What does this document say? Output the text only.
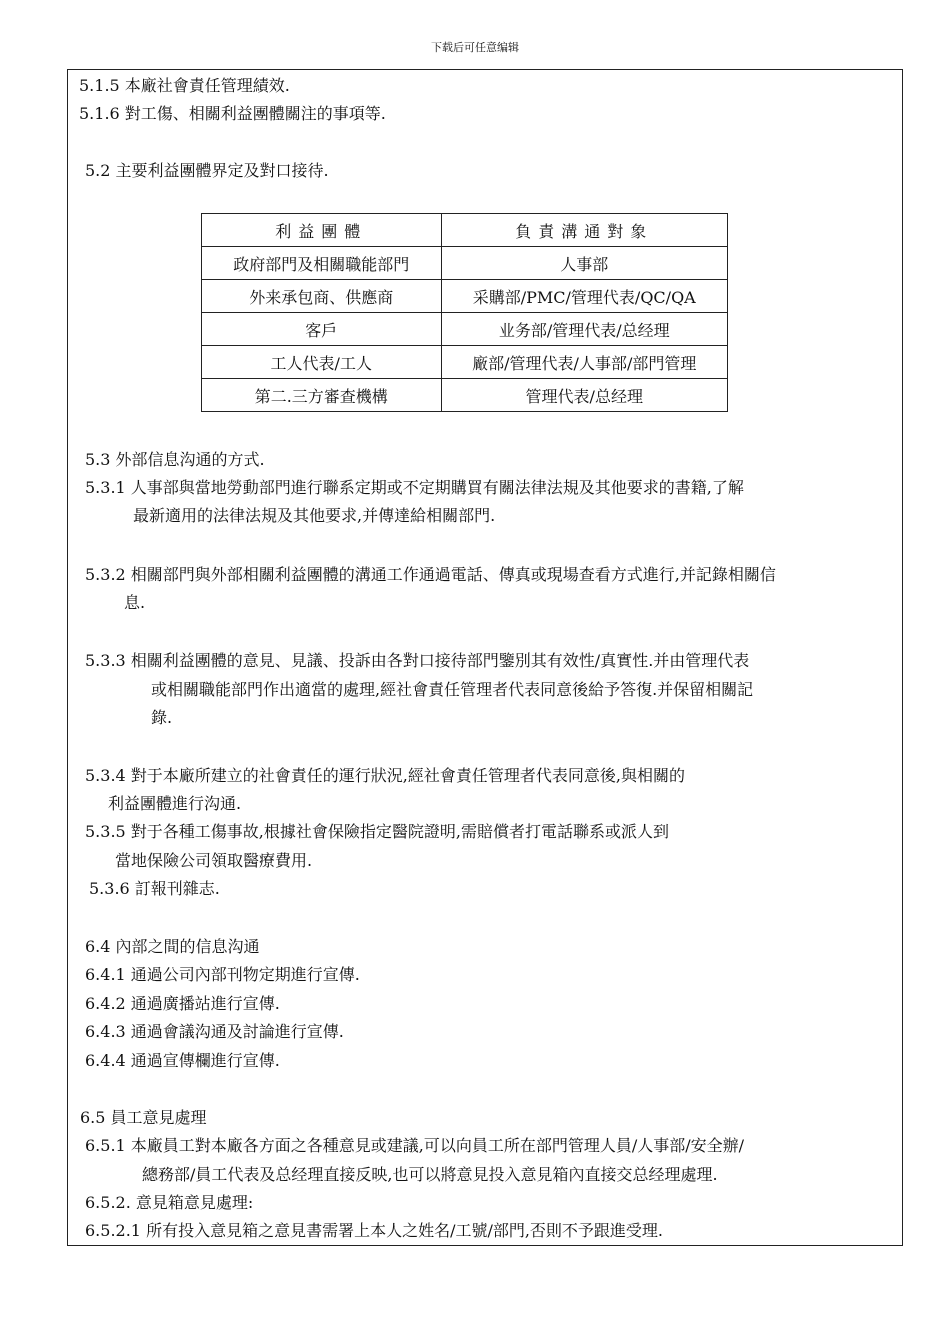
下载后可任意编辑
5.1.5 本廠社會責任管理績效.
5.1.6 對工傷、相關利益團體關注的事項等.
5.2 主要利益團體界定及對口接待.
利益團體	負責溝通對象
政府部門及相關職能部門	人事部
外来承包商、供應商	采購部/PMC/管理代表/QC/QA
客戶	业务部/管理代表/总经理
工人代表/工人	廠部/管理代表/人事部/部門管理
第二.三方審查機構	管理代表/总经理
5.3 外部信息沟通的方式.
5.3.1 人事部與當地勞動部門進行聯系定期或不定期購買有關法律法規及其他要求的書籍,了解
最新適用的法律法規及其他要求,并傳達給相關部門.
5.3.2 相關部門與外部相關利益團體的溝通工作通過電話、傳真或現場查看方式進行,并記錄相關信
息.
5.3.3 相關利益團體的意見、見議、投訴由各對口接待部門鑒別其有效性/真實性.并由管理代表
或相關職能部門作出適當的處理,經社會責任管理者代表同意後給予答復.并保留相關記
錄.
5.3.4 對于本廠所建立的社會責任的運行狀況,經社會責任管理者代表同意後,與相關的
利益團體進行沟通.
5.3.5 對于各種工傷事故,根據社會保險指定醫院證明,需賠償者打電話聯系或派人到
當地保險公司領取醫療費用.
5.3.6 訂報刊雜志.
6.4 內部之間的信息沟通
6.4.1 通過公司內部刊物定期進行宣傳.
6.4.2 通過廣播站進行宣傳.
6.4.3 通過會議沟通及討論進行宣傳.
6.4.4 通過宣傳欄進行宣傳.
6.5 員工意見處理
6.5.1 本廠員工對本廠各方面之各種意見或建議,可以向員工所在部門管理人員/人事部/安全辦/
總務部/員工代表及总经理直接反映,也可以將意見投入意見箱內直接交总经理處理.
6.5.2. 意見箱意見處理:
6.5.2.1 所有投入意見箱之意見書需署上本人之姓名/工號/部門,否則不予跟進受理.
